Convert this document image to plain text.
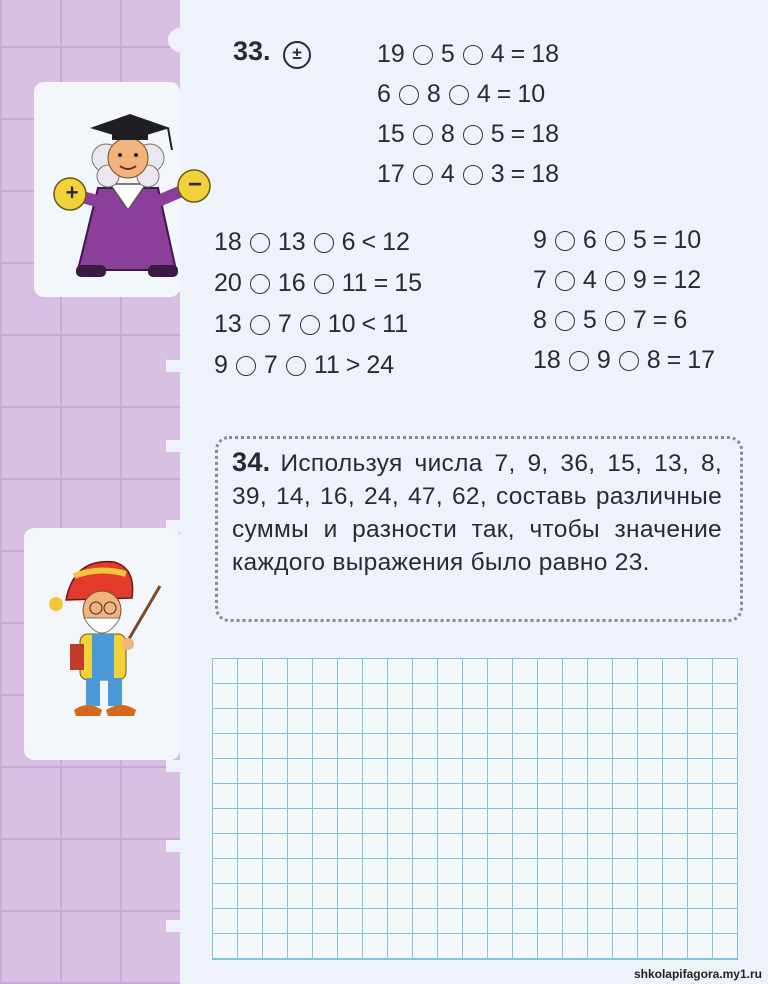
+	−
33.	±	19 5 4 = 18
6 8 4 = 10
15 8 5 = 18
17 4 3 = 18
18 13 6 < 12
20 16 11 = 15
13 7 10 < 11
9 7 11 > 24
9 6 5 = 10
7 4 9 = 12
8 5 7 = 6
18 9 8 = 17
34. Используя числа 7, 9, 36, 15, 13, 8, 39, 14, 16, 24, 47, 62, составь различные суммы и разности так, чтобы значение каждого выражения было равно 23.
shkolapifagora.my1.ru
